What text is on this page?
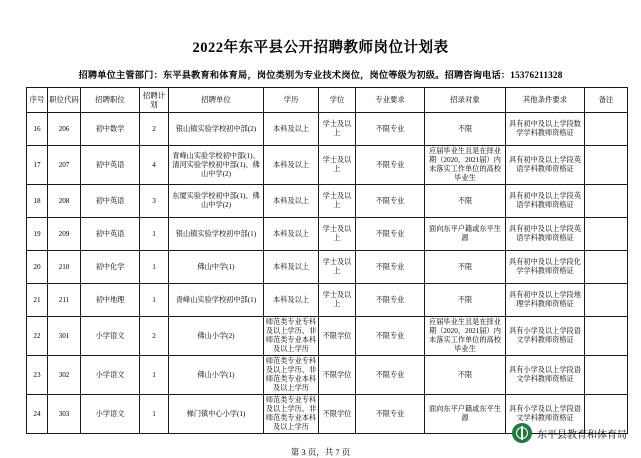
2022年东平县公开招聘教师岗位计划表
招聘单位主管部门：东平县教育和体育局，岗位类别为专业技术岗位，岗位等级为初级。招聘咨询电话：15376211328
序号	职位代码	招聘职位	招聘计划	招聘单位	学历	学位	专业要求	招录对象	其他条件要求	备注
16	206	初中数学	2	银山镇实验学校初中部(2)	本科及以上	学士及以上	不限专业	不限	具有初中及以上学段数学学科教师资格证	
17	207	初中英语	4	青峰山实验学校初中部(1)、清河实验学校初中部(1)、佛山中学(2)	本科及以上	学士及以上	不限专业	应届毕业生且是在择业期（2020、2021届）内未落实工作单位的高校毕业生	具有初中及以上学段英语学科教师资格证	
18	208	初中英语	3	东厦实验学校初中部(1)、佛山中学(2)	本科及以上	学士及以上	不限专业	不限	具有初中及以上学段英语学科教师资格证	
19	209	初中英语	1	银山镇实验学校初中部(1)	本科及以上	学士及以上	不限专业	面向东平户籍或东平生源	具有初中及以上学段英语学科教师资格证	
20	210	初中化学	1	佛山中学(1)	本科及以上	学士及以上	不限专业	不限	具有初中及以上学段化学学科教师资格证	
21	211	初中地理	1	青峰山实验学校初中部(1)	本科及以上	学士及以上	不限专业	不限	具有初中及以上学段地理学科教师资格证	
22	301	小学语文	2	佛山小学(2)	师范类专业专科及以上学历、非师范类专业本科及以上学历	不限学位	不限专业	应届毕业生且是在择业期（2020、2021届）内未落实工作单位的高校毕业生	具有小学及以上学段语文学科教师资格证	
23	302	小学语文	1	佛山小学(1)	师范类专业专科及以上学历、非师范类专业本科及以上学历	不限学位	不限专业	不限	具有小学及以上学段语文学科教师资格证	
24	303	小学语文	1	梯门镇中心小学(1)	师范类专业专科及以上学历、非师范类专业本科及以上学历	不限学位	不限专业	面向东平户籍或东平生源	具有小学及以上学段语文学科教师资格证	
第 3 页，共 7 页
东平县教育和体育局
